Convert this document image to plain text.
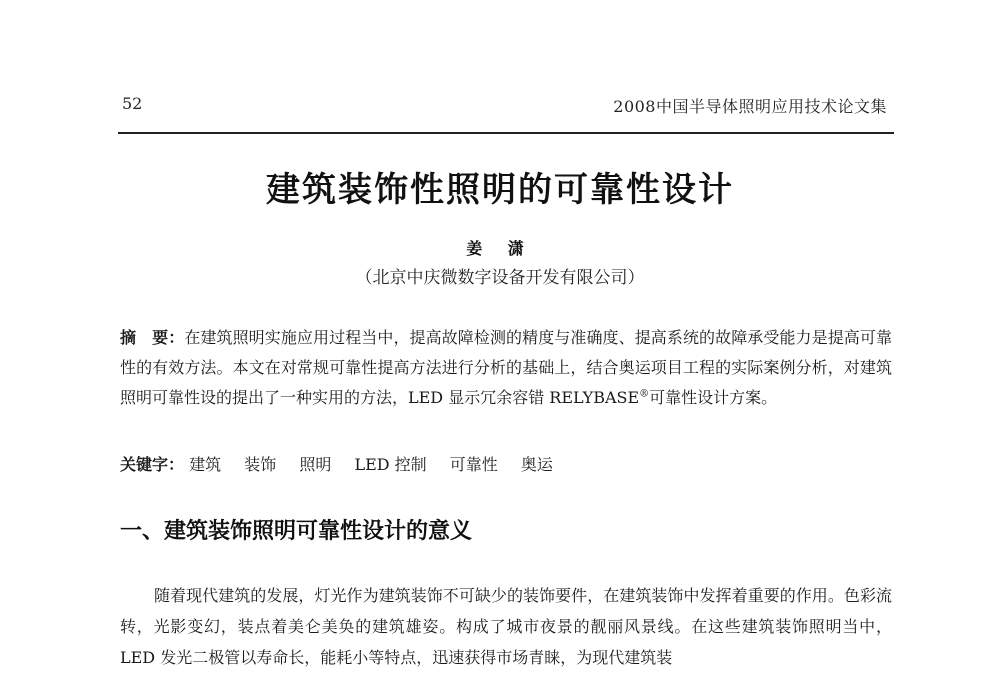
52	2008中国半导体照明应用技术论文集
建筑装饰性照明的可靠性设计
姜 潇
（北京中庆微数字设备开发有限公司）
摘　要：在建筑照明实施应用过程当中，提高故障检测的精度与准确度、提高系统的故障承受能力是提高可靠性的有效方法。本文在对常规可靠性提高方法进行分析的基础上，结合奥运项目工程的实际案例分析，对建筑照明可靠性设的提出了一种实用的方法，LED 显示冗余容错 RELYBASE®可靠性设计方案。
关键字： 建筑 装饰 照明 LED 控制 可靠性 奥运
一、建筑装饰照明可靠性设计的意义
随着现代建筑的发展，灯光作为建筑装饰不可缺少的装饰要件，在建筑装饰中发挥着重要的作用。色彩流转，光影变幻，装点着美仑美奂的建筑雄姿。构成了城市夜景的靓丽风景线。在这些建筑装饰照明当中， LED 发光二极管以寿命长，能耗小等特点，迅速获得市场青睐，为现代建筑装
